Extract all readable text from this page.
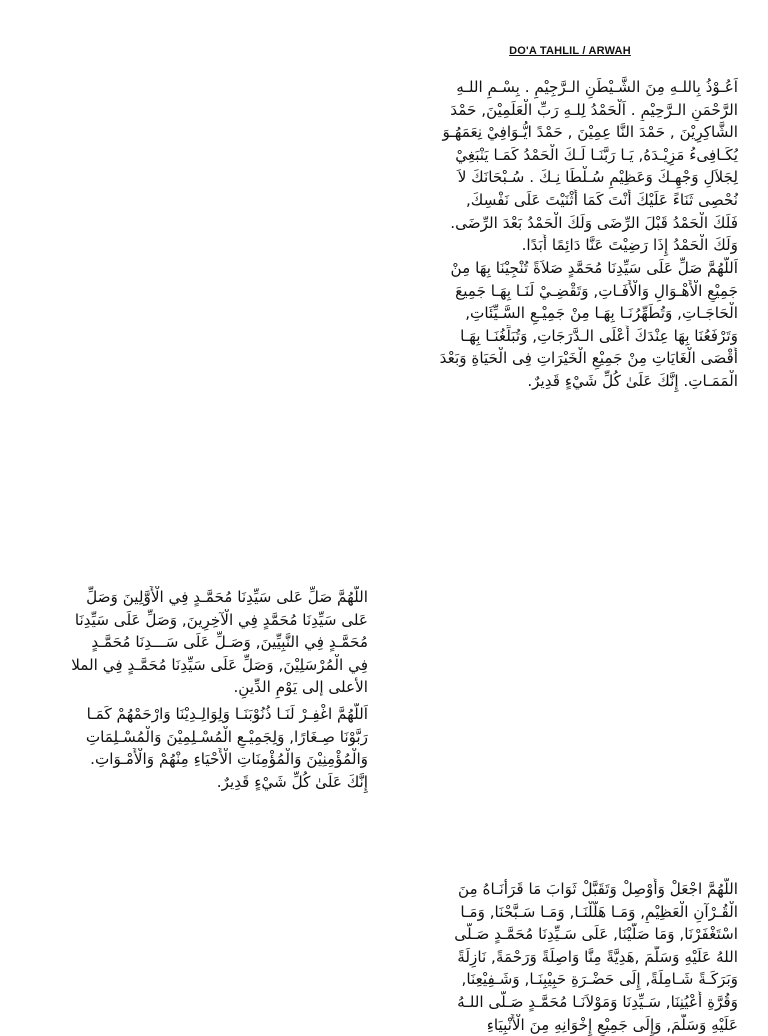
DO'A TAHLIL / ARWAH
اَعُـوْذُ بِاللـهِ مِنَ الشَّـيْطَنِ الـرَّجِيْمِ . بِسْـمِ اللـهِ
الرَّحْمَنِ الـرَّحِيْمِ . اَلْحَمْدُ لِلـهِ رَبِّ الْعَلَمِيْنَ, حَمْدَ
الشَّاكِرِيْنَ , حَمْدَ النَّا عِمِيْنَ , حَمْدً ايُّـوَافِيْ نِعَمَهُـوَ
يُكَـافِىءُ مَزِيْـدَهُ, يَـا رَبَّنَـا لَـكَ الْحَمْدُ كَمَـا يَنْبَغِيْ
لِجَلاَلِ وَجْهِـكَ وَعَظِيْمِ سُـلْطَا نِـكَ . سُـبْحَانَكَ لاَ
نُحْصِى ثَنَاءً عَلَيْكَ أَنْتَ كَمَا أَثْنَيْتَ عَلَى نَفْسِكَ,
فَلَكَ الْحَمْدُ قَبْلَ الرِّضَى وَلَكَ الْحَمْدُ بَعْدَ الرِّضَى.
وَلَكَ الْحَمْدُ إِذَا رَضِيْتَ عَنَّا دَائِمًا أَبَدًا.
اَللَّهُمَّ صَلِّ عَلَى سَيِّدِنَا مُحَمَّدٍ صَلاَةً تُنْجِيْنَا بِهَا مِنْ
جَمِيْعِ الْأَهْـوَالِ وَالْأَفَـاتِ, وَتَقْضِـيْ لَنَـا بِهَـا جَمِيعَ
الْحَاجَـاتِ, وَتُطَهِّرُنَـا بِهَـا مِنْ جَمِيْـعِ السَّـيِّئَاتِ,
وَتَرْفَعُنَا بِهَا عِنْدَكَ أَعْلَى الـدَّرَجَاتِ, وَتُبَلِّغُنَـا بِهَـا
أَقْصَى الْغَايَاتِ مِنْ جَمِيْعِ الْخَيْرَاتِ فِى الْحَيَاةِ وَبَعْدَ
الْمَمَـاتِ. إِنَّكَ عَلَىٰ كُلِّ شَيْءٍ قَدِيرٌ.
اللَّهُمَّ صَلِّ عَلى سَيِّدِنَا مُحَمَّـدٍ فِي الْأَوَّلِينَ وَصَلِّ
عَلى سَيِّدِنَا مُحَمَّدٍ فِي الْآخِرِينَ, وَصَلِّ عَلَى سَيِّدِنَا
مُحَمَّـدٍ فِي النَّبِيِّينَ, وَصَـلِّ عَلَى سَـــدِنَا مُحَمَّـدٍ
فِي الْمُرْسَلِيْنَ, وَصَلِّ عَلَى سَيِّدِنَا مُحَمَّـدٍ فِي الملا
الأعلى إلى يَوْمِ الدِّينِ.
اَللَّهُمَّ اغْفِـرْ لَنَـا ذُنُوْبَنَـا وَلِوَالِـدِيْنَا وَارْحَمْهُمْ كَمَـا
رَبَّوْنَا صِـغَارًا, وَلِجَمِيْـعِ الْمُسْـلِمِيْنَ وَالْمُسْـلِمَاتِ
وَالْمُؤْمِنِيْنَ وَالْمُؤْمِنَاتِ الْأَحْيَاءِ مِنْهُمْ وَالْأَمْـوَاتِ.
إِنَّكَ عَلَىٰ كُلِّ شَيْءٍ قَدِيرٌ.
اللَّهُمَّ اجْعَلْ وَأَوْصِلْ وَتَقَبَّلْ ثَوَابَ مَا قَرَأْنَـاهُ مِنَ
الْقُـرْآنِ الْعَظِيْمِ, وَمَـا هَلَّلْنَـا, وَمَـا سَـبَّحْنَا, وَمَـا
اسْتَغْفَرْنَا, وَمَا صَلَّيْنَا, عَلَى سَـيِّدِنَا مُحَمَّـدٍ صَـلَّى
اللهُ عَلَيْهِ وَسَلَّمَ ,هَدِيَّةً مِنَّا وَاصِلَةً وَرَحْمَةً, نَازِلَةً
وَبَرَكَـةً شَـامِلَةً, إِلَى حَضْـرَةِ حَبِيْبِنَـا, وَشَـفِيْعِنَا,
وَقُرَّةِ أَعْيُنِنَا, سَـيِّدِنَا وَمَوْلاَنَـا مُحَمَّـدٍ صَـلَّى اللـهُ
عَلَيْهِ وَسَلَّمَ, وَإِلَى جَمِيْعِ إِخْوَانِهِ مِنَ الْأَنْبِيَاءِ
